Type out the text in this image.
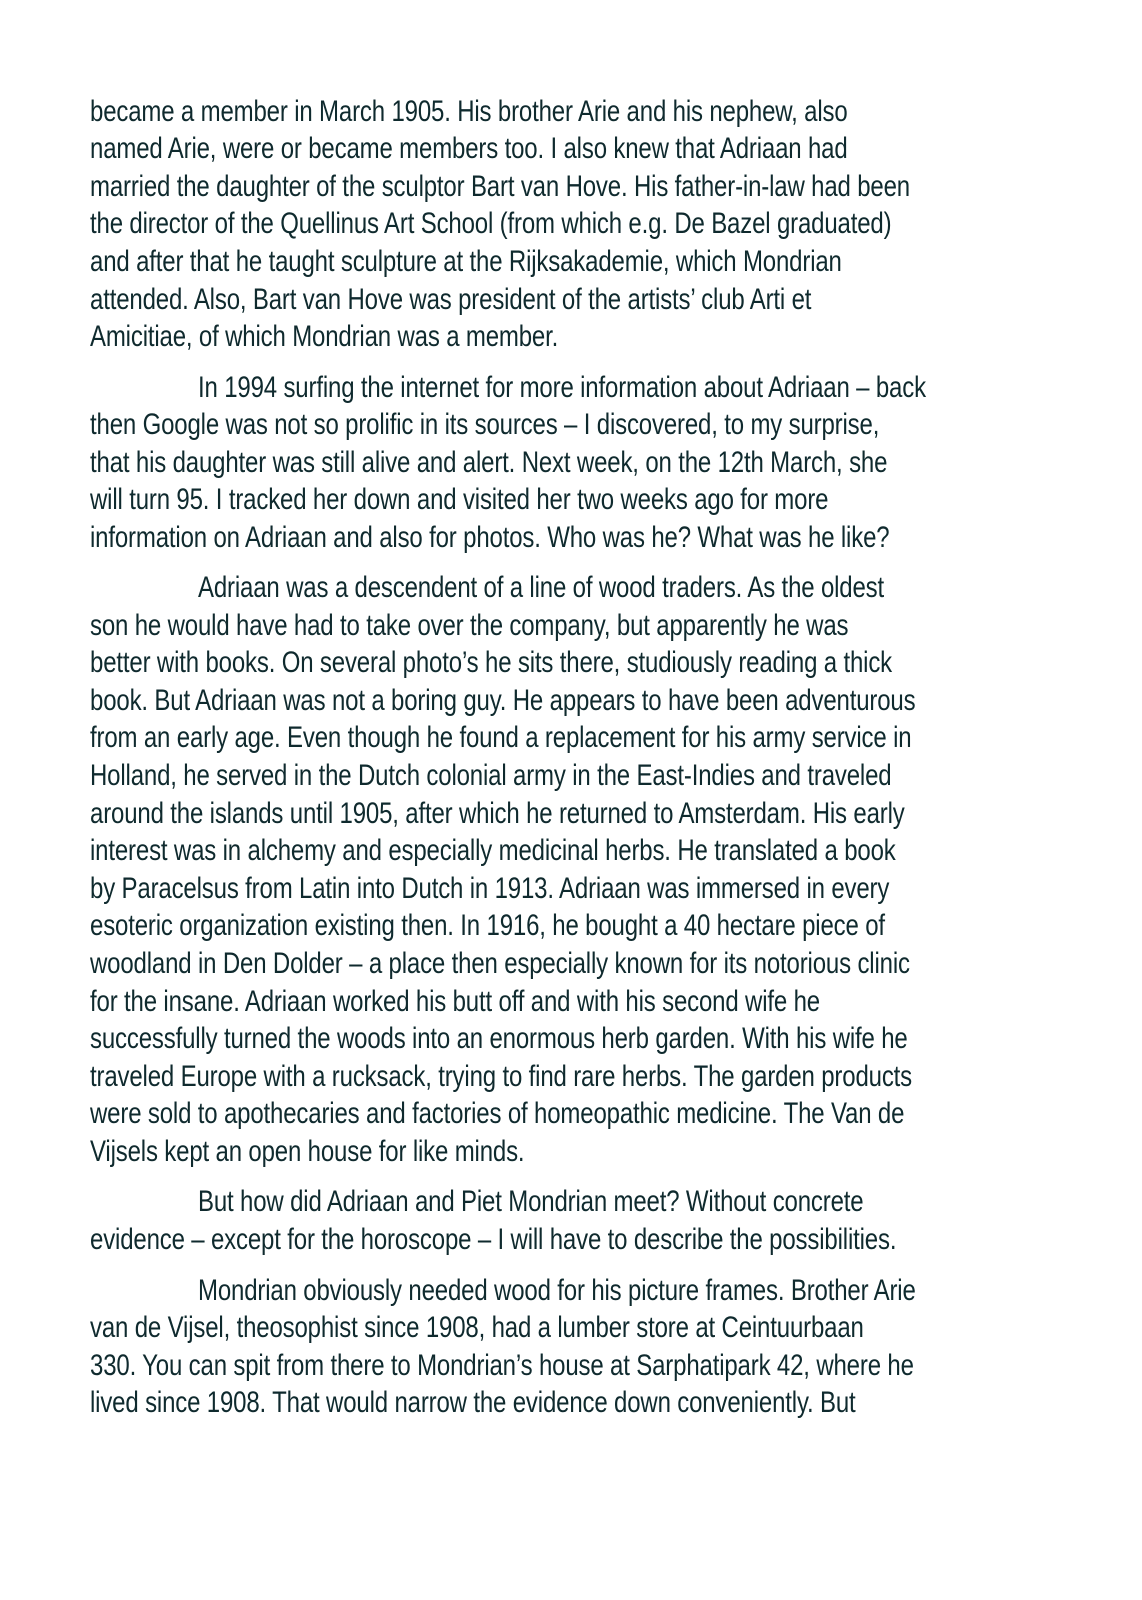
became a member in March 1905. His brother Arie and his nephew, also
named Arie, were or became members too. I also knew that Adriaan had
married the daughter of the sculptor Bart van Hove. His father-in-law had been
the director of the Quellinus Art School (from which e.g. De Bazel graduated)
and after that he taught sculpture at the Rijksakademie, which Mondrian
attended. Also, Bart van Hove was president of the artists’ club Arti et
Amicitiae, of which Mondrian was a member.
In 1994 surfing the internet for more information about Adriaan – back
then Google was not so prolific in its sources – I discovered, to my surprise,
that his daughter was still alive and alert. Next week, on the 12th March, she
will turn 95. I tracked her down and visited her two weeks ago for more
information on Adriaan and also for photos. Who was he? What was he like?
Adriaan was a descendent of a line of wood traders. As the oldest
son he would have had to take over the company, but apparently he was
better with books. On several photo’s he sits there, studiously reading a thick
book. But Adriaan was not a boring guy. He appears to have been adventurous
from an early age. Even though he found a replacement for his army service in
Holland, he served in the Dutch colonial army in the East-Indies and traveled
around the islands until 1905, after which he returned to Amsterdam. His early
interest was in alchemy and especially medicinal herbs. He translated a book
by Paracelsus from Latin into Dutch in 1913. Adriaan was immersed in every
esoteric organization existing then. In 1916, he bought a 40 hectare piece of
woodland in Den Dolder – a place then especially known for its notorious clinic
for the insane. Adriaan worked his butt off and with his second wife he
successfully turned the woods into an enormous herb garden. With his wife he
traveled Europe with a rucksack, trying to find rare herbs. The garden products
were sold to apothecaries and factories of homeopathic medicine. The Van de
Vijsels kept an open house for like minds.
But how did Adriaan and Piet Mondrian meet? Without concrete
evidence – except for the horoscope – I will have to describe the possibilities.
Mondrian obviously needed wood for his picture frames. Brother Arie
van de Vijsel, theosophist since 1908, had a lumber store at Ceintuurbaan
330. You can spit from there to Mondrian’s house at Sarphatipark 42, where he
lived since 1908. That would narrow the evidence down conveniently. But
